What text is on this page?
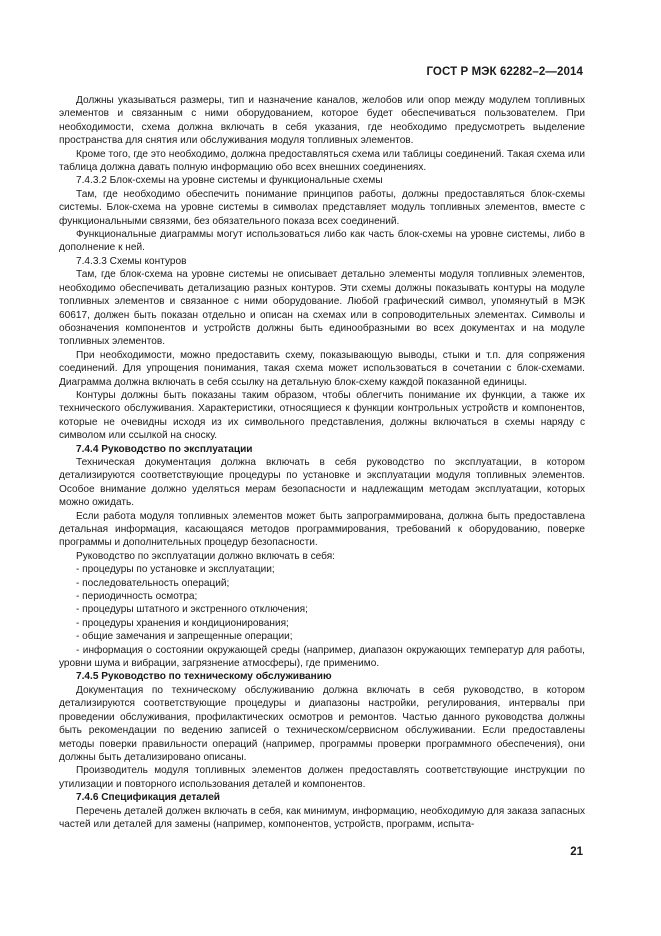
ГОСТ Р МЭК 62282–2—2014

Должны указываться размеры, тип и назначение каналов, желобов или опор между модулем топливных элементов и связанным с ними оборудованием, которое будет обеспечиваться пользователем. При необходимости, схема должна включать в себя указания, где необходимо предусмотреть выделение пространства для снятия или обслуживания модуля топливных элементов.

Кроме того, где это необходимо, должна предоставляться схема или таблицы соединений. Такая схема или таблица должна давать полную информацию обо всех внешних соединениях.

7.4.3.2 Блок-схемы на уровне системы и функциональные схемы

Там, где необходимо обеспечить понимание принципов работы, должны предоставляться блок-схемы системы. Блок-схема на уровне системы в символах представляет модуль топливных элементов, вместе с функциональными связями, без обязательного показа всех соединений.

Функциональные диаграммы могут использоваться либо как часть блок-схемы на уровне системы, либо в дополнение к ней.

7.4.3.3 Схемы контуров

Там, где блок-схема на уровне системы не описывает детально элементы модуля топливных элементов, необходимо обеспечивать детализацию разных контуров. Эти схемы должны показывать контуры на модуле топливных элементов и связанное с ними оборудование. Любой графический символ, упомянутый в МЭК 60617, должен быть показан отдельно и описан на схемах или в сопроводительных элементах. Символы и обозначения компонентов и устройств должны быть единообразными во всех документах и на модуле топливных элементов.

При необходимости, можно предоставить схему, показывающую выводы, стыки и т.п. для сопряжения соединений. Для упрощения понимания, такая схема может использоваться в сочетании с блок-схемами. Диаграмма должна включать в себя ссылку на детальную блок-схему каждой показанной единицы.

Контуры должны быть показаны таким образом, чтобы облегчить понимание их функции, а также их технического обслуживания. Характеристики, относящиеся к функции контрольных устройств и компонентов, которые не очевидны исходя из их символьного представления, должны включаться в схемы наряду с символом или ссылкой на сноску.

7.4.4 Руководство по эксплуатации

Техническая документация должна включать в себя руководство по эксплуатации, в котором детализируются соответствующие процедуры по установке и эксплуатации модуля топливных элементов. Особое внимание должно уделяться мерам безопасности и надлежащим методам эксплуатации, которых можно ожидать.

Если работа модуля топливных элементов может быть запрограммирована, должна быть предоставлена детальная информация, касающаяся методов программирования, требований к оборудованию, поверке программы и дополнительных процедур безопасности.

Руководство по эксплуатации должно включать в себя:

- процедуры по установке и эксплуатации;

- последовательность операций;

- периодичность осмотра;

- процедуры штатного и экстренного отключения;

- процедуры хранения и кондиционирования;

- общие замечания и запрещенные операции;

- информация о состоянии окружающей среды (например, диапазон окружающих температур для работы, уровни шума и вибрации, загрязнение атмосферы), где применимо.

7.4.5 Руководство по техническому обслуживанию

Документация по техническому обслуживанию должна включать в себя руководство, в котором детализируются соответствующие процедуры и диапазоны настройки, регулирования, интервалы при проведении обслуживания, профилактических осмотров и ремонтов. Частью данного руководства должны быть рекомендации по ведению записей о техническом/сервисном обслуживании. Если предоставлены методы поверки правильности операций (например, программы проверки программного обеспечения), они должны быть детализировано описаны.

Производитель модуля топливных элементов должен предоставлять соответствующие инструкции по утилизации и повторного использования деталей и компонентов.

7.4.6 Спецификация деталей

Перечень деталей должен включать в себя, как минимум, информацию, необходимую для заказа запасных частей или деталей для замены (например, компонентов, устройств, программ, испыта-

21
